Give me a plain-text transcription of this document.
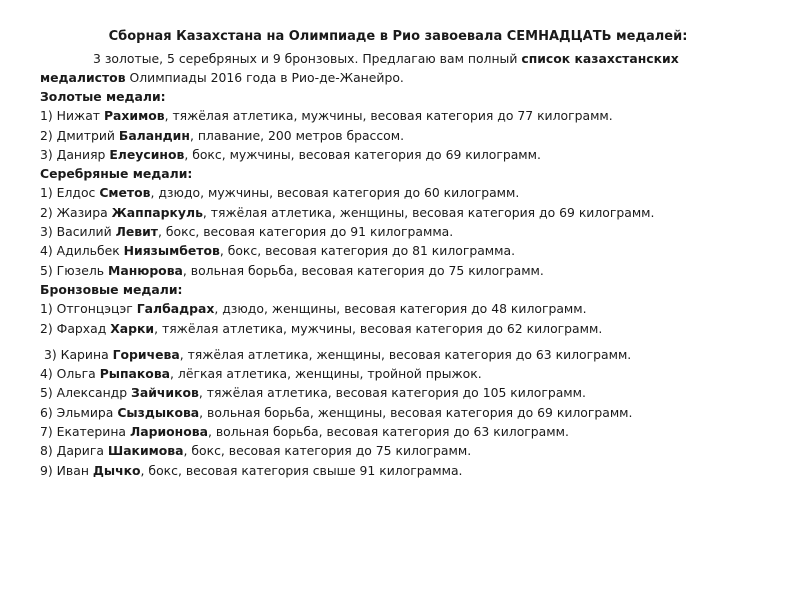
Сборная Казахстана на Олимпиаде в Рио завоевала СЕМНАДЦАТЬ медалей:
3 золотые, 5 серебряных и 9 бронзовых. Предлагаю вам полный список казахстанских медалистов Олимпиады 2016 года в Рио-де-Жанейро.
Золотые медали:
1) Нижат Рахимов, тяжёлая атлетика, мужчины, весовая категория до 77 килограмм.
2) Дмитрий Баландин, плавание, 200 метров брассом.
3) Данияр Елеусинов, бокс, мужчины, весовая категория до 69 килограмм.
Серебряные медали:
1) Елдос Сметов, дзюдо, мужчины, весовая категория до 60 килограмм.
2) Жазира Жаппаркуль, тяжёлая атлетика, женщины, весовая категория до 69 килограмм.
3) Василий Левит, бокс, весовая категория до 91 килограмма.
4) Адильбек Ниязымбетов, бокс, весовая категория до 81 килограмма.
5) Гюзель Манюрова, вольная борьба, весовая категория до 75 килограмм.
Бронзовые медали:
1) Отгонцэцэг Галбадрах, дзюдо, женщины, весовая категория до 48 килограмм.
2) Фархад Харки, тяжёлая атлетика, мужчины, весовая категория до 62 килограмм.
3) Карина Горичева, тяжёлая атлетика, женщины, весовая категория до 63 килограмм.
4) Ольга Рыпакова, лёгкая атлетика, женщины, тройной прыжок.
5) Александр Зайчиков, тяжёлая атлетика, весовая категория до 105 килограмм.
6) Эльмира Сыздыкова, вольная борьба, женщины, весовая категория до 69 килограмм.
7) Екатерина Ларионова, вольная борьба, весовая категория до 63 килограмм.
8) Дарига Шакимова, бокс, весовая категория до 75 килограмм.
9) Иван Дычко, бокс, весовая категория свыше 91 килограмма.
